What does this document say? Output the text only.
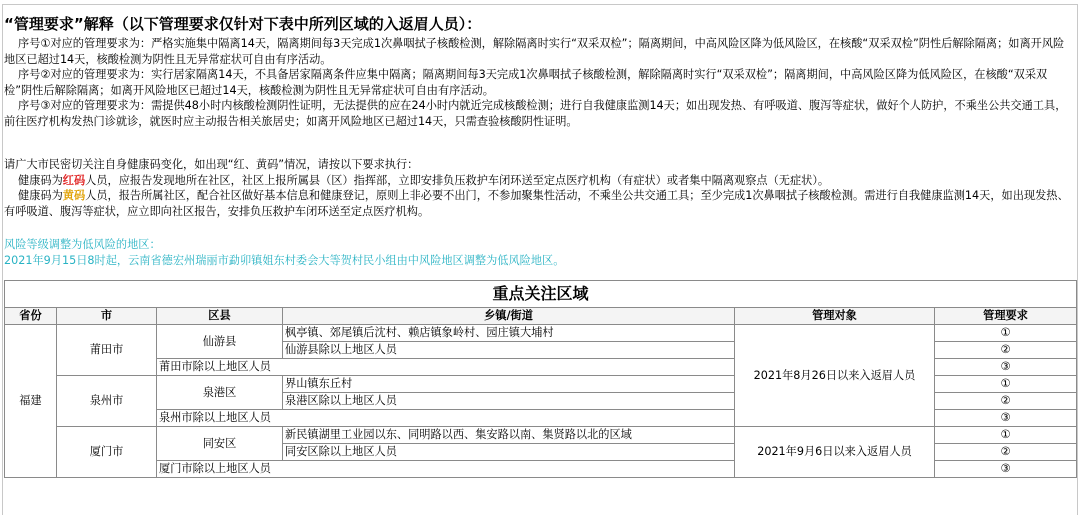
“管理要求”解释（以下管理要求仅针对下表中所列区域的入返眉人员）：

序号①对应的管理要求为：严格实施集中隔离14天，隔离期间每3天完成1次鼻咽拭子核酸检测，解除隔离时实行“双采双检”；隔离期间，中高风险区降为低风险区，在核酸“双采双检”阴性后解除隔离；如离开风险地区已超过14天，核酸检测为阴性且无异常症状可自由有序活动。

序号②对应的管理要求为：实行居家隔离14天，不具备居家隔离条件应集中隔离；隔离期间每3天完成1次鼻咽拭子核酸检测，解除隔离时实行“双采双检”；隔离期间，中高风险区降为低风险区，在核酸“双采双检”阴性后解除隔离；如离开风险地区已超过14天，核酸检测为阴性且无异常症状可自由有序活动。

序号③对应的管理要求为：需提供48小时内核酸检测阴性证明，无法提供的应在24小时内就近完成核酸检测；进行自我健康监测14天；如出现发热、有呼吸道、腹泻等症状，做好个人防护，不乘坐公共交通工具，前往医疗机构发热门诊就诊，就医时应主动报告相关旅居史；如离开风险地区已超过14天，只需查验核酸阴性证明。

请广大市民密切关注自身健康码变化，如出现“红、黄码”情况，请按以下要求执行：

健康码为红码人员，应报告发现地所在社区，社区上报所属县（区）指挥部，立即安排负压救护车闭环送至定点医疗机构（有症状）或者集中隔离观察点（无症状）。

健康码为黄码人员，报告所属社区，配合社区做好基本信息和健康登记，原则上非必要不出门，不参加聚集性活动，不乘坐公共交通工具；至少完成1次鼻咽拭子核酸检测。需进行自我健康监测14天，如出现发热、有呼吸道、腹泻等症状，应立即向社区报告，安排负压救护车闭环送至定点医疗机构。

风险等级调整为低风险的地区：

2021年9月15日8时起，云南省德宏州瑞丽市勐卯镇姐东村委会大等贺村民小组由中风险地区调整为低风险地区。

重点关注区域					
省份	市	区县	乡镇/街道	管理对象	管理要求
福建	莆田市	仙游县	枫亭镇、郊尾镇后沈村、赖店镇象岭村、园庄镇大埔村	2021年8月26日以来入返眉人员	①
			仙游县除以上地区人员		②
		莆田市除以上地区人员			③
	泉州市	泉港区	界山镇东丘村		①
			泉港区除以上地区人员		②
		泉州市除以上地区人员			③
	厦门市	同安区	新民镇湖里工业园以东、同明路以西、集安路以南、集贤路以北的区域	2021年9月6日以来入返眉人员	①
			同安区除以上地区人员		②
		厦门市除以上地区人员			③
